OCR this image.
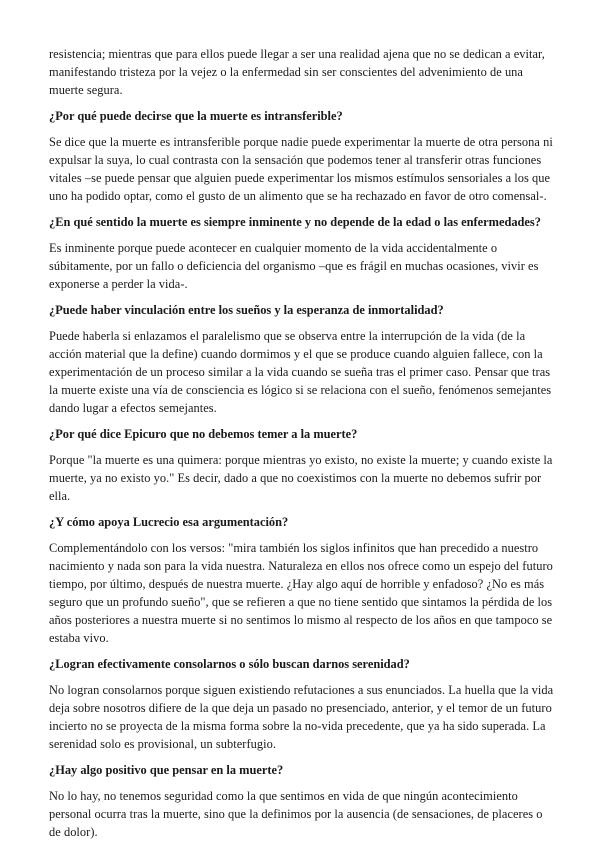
resistencia; mientras que para ellos puede llegar a ser una realidad ajena que no se dedican a evitar, manifestando tristeza por la vejez o la enfermedad sin ser conscientes del advenimiento de una muerte segura.

¿Por qué puede decirse que la muerte es intransferible?

Se dice que la muerte es intransferible porque nadie puede experimentar la muerte de otra persona ni expulsar la suya, lo cual contrasta con la sensación que podemos tener al transferir otras funciones vitales –se puede pensar que alguien puede experimentar los mismos estímulos sensoriales a los que uno ha podido optar, como el gusto de un alimento que se ha rechazado en favor de otro comensal-.

¿En qué sentido la muerte es siempre inminente y no depende de la edad o las enfermedades?

Es inminente porque puede acontecer en cualquier momento de la vida accidentalmente o súbitamente, por un fallo o deficiencia del organismo –que es frágil en muchas ocasiones, vivir es exponerse a perder la vida-.

¿Puede haber vinculación entre los sueños y la esperanza de inmortalidad?

Puede haberla si enlazamos el paralelismo que se observa entre la interrupción de la vida (de la acción material que la define) cuando dormimos y el que se produce cuando alguien fallece, con la experimentación de un proceso similar a la vida cuando se sueña tras el primer caso. Pensar que tras la muerte existe una vía de consciencia es lógico si se relaciona con el sueño, fenómenos semejantes dando lugar a efectos semejantes.

¿Por qué dice Epicuro que no debemos temer a la muerte?

Porque "la muerte es una quimera: porque mientras yo existo, no existe la muerte; y cuando existe la muerte, ya no existo yo." Es decir, dado a que no coexistimos con la muerte no debemos sufrir por ella.

¿Y cómo apoya Lucrecio esa argumentación?

Complementándolo con los versos: "mira también los siglos infinitos que han precedido a nuestro nacimiento y nada son para la vida nuestra. Naturaleza en ellos nos ofrece como un espejo del futuro tiempo, por último, después de nuestra muerte. ¿Hay algo aquí de horrible y enfadoso? ¿No es más seguro que un profundo sueño", que se refieren a que no tiene sentido que sintamos la pérdida de los años posteriores a nuestra muerte si no sentimos lo mismo al respecto de los años en que tampoco se estaba vivo.

¿Logran efectivamente consolarnos o sólo buscan darnos serenidad?

No logran consolarnos porque siguen existiendo refutaciones a sus enunciados. La huella que la vida deja sobre nosotros difiere de la que deja un pasado no presenciado, anterior, y el temor de un futuro incierto no se proyecta de la misma forma sobre la no-vida precedente, que ya ha sido superada. La serenidad solo es provisional, un subterfugio.

¿Hay algo positivo que pensar en la muerte?

No lo hay, no tenemos seguridad como la que sentimos en vida de que ningún acontecimiento personal ocurra tras la muerte, sino que la definimos por la ausencia (de sensaciones, de placeres o de dolor).
